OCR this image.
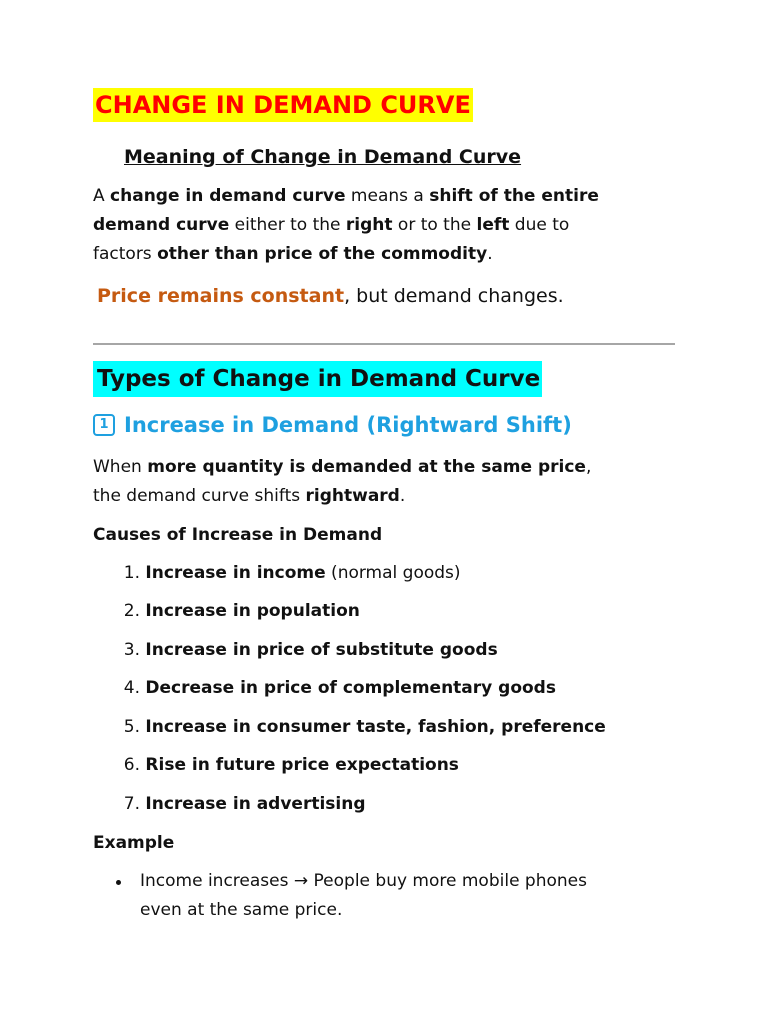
CHANGE IN DEMAND CURVE
Meaning of Change in Demand Curve
A change in demand curve means a shift of the entire
demand curve either to the right or to the left due to
factors other than price of the commodity.
Price remains constant, but demand changes.
Types of Change in Demand Curve
1 Increase in Demand (Rightward Shift)
When more quantity is demanded at the same price,
the demand curve shifts rightward.
Causes of Increase in Demand
1. Increase in income (normal goods)
2. Increase in population
3. Increase in price of substitute goods
4. Decrease in price of complementary goods
5. Increase in consumer taste, fashion, preference
6. Rise in future price expectations
7. Increase in advertising
Example
Income increases → People buy more mobile phones
even at the same price.
